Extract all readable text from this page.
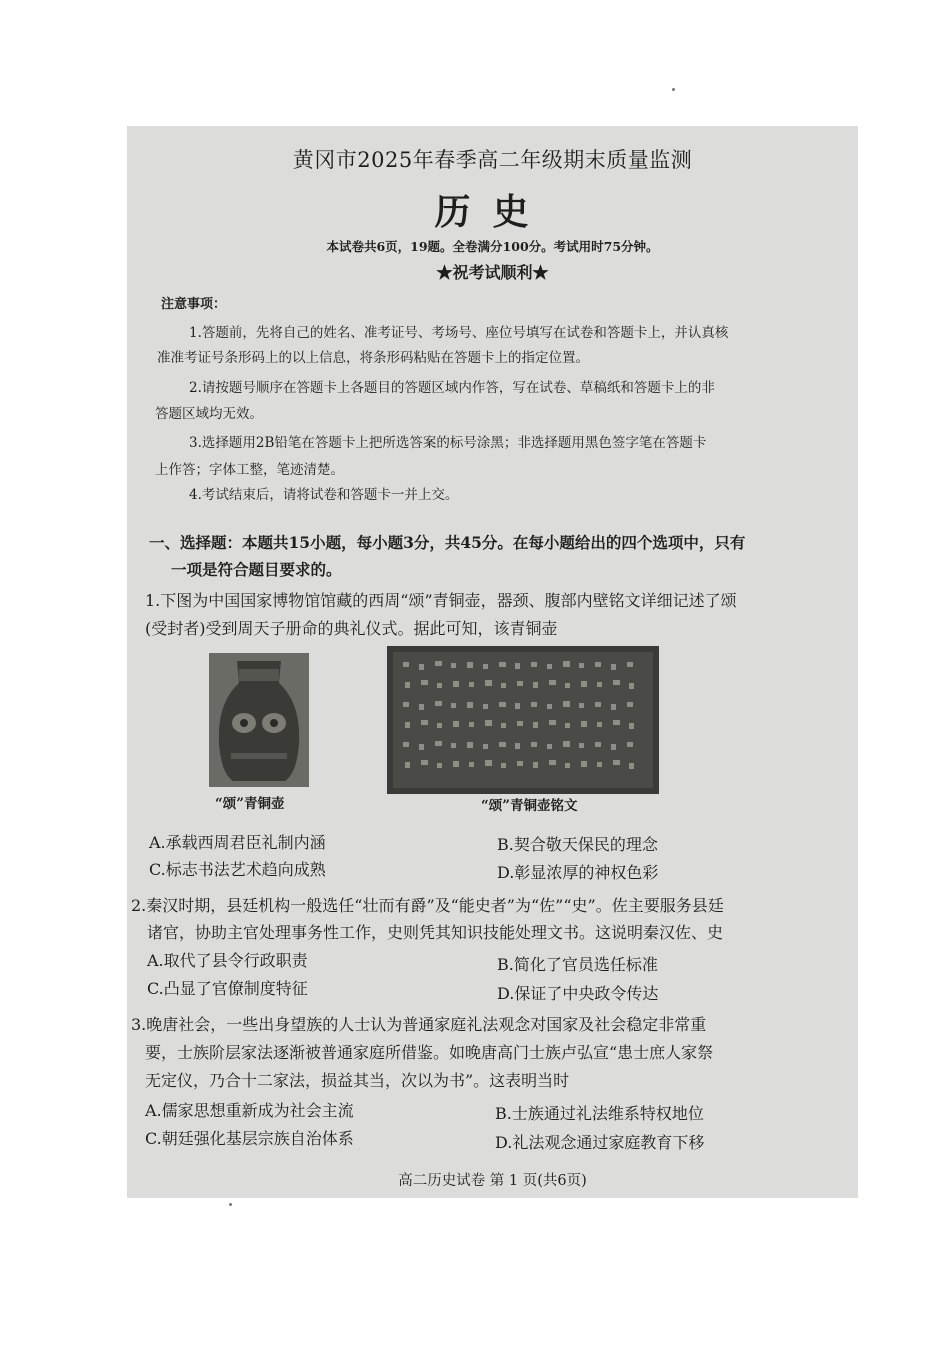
黄冈市2025年春季高二年级期末质量监测
历史
本试卷共6页，19题。全卷满分100分。考试用时75分钟。
★祝考试顺利★
注意事项：
1.答题前，先将自己的姓名、准考证号、考场号、座位号填写在试卷和答题卡上，并认真核
准准考证号条形码上的以上信息，将条形码粘贴在答题卡上的指定位置。
2.请按题号顺序在答题卡上各题目的答题区域内作答，写在试卷、草稿纸和答题卡上的非
答题区域均无效。
3.选择题用2B铅笔在答题卡上把所选答案的标号涂黑；非选择题用黑色签字笔在答题卡
上作答；字体工整，笔迹清楚。
4.考试结束后，请将试卷和答题卡一并上交。
一、选择题：本题共15小题，每小题3分，共45分。在每小题给出的四个选项中，只有
一项是符合题目要求的。
1.下图为中国国家博物馆馆藏的西周“颂”青铜壶，器颈、腹部内壁铭文详细记述了颂
(受封者)受到周天子册命的典礼仪式。据此可知，该青铜壶
“颂”青铜壶	“颂”青铜壶铭文
A.承载西周君臣礼制内涵	B.契合敬天保民的理念
C.标志书法艺术趋向成熟	D.彰显浓厚的神权色彩
2.秦汉时期，县廷机构一般选任“壮而有爵”及“能史者”为“佐”“史”。佐主要服务县廷
诸官，协助主官处理事务性工作，史则凭其知识技能处理文书。这说明秦汉佐、史
A.取代了县令行政职责	B.简化了官员选任标准
C.凸显了官僚制度特征	D.保证了中央政令传达
3.晚唐社会，一些出身望族的人士认为普通家庭礼法观念对国家及社会稳定非常重
要，士族阶层家法逐渐被普通家庭所借鉴。如晚唐高门士族卢弘宣“患士庶人家祭
无定仪，乃合十二家法，损益其当，次以为书”。这表明当时
A.儒家思想重新成为社会主流	B.士族通过礼法维系特权地位
C.朝廷强化基层宗族自治体系	D.礼法观念通过家庭教育下移
高二历史试卷 第 1 页(共6页)
